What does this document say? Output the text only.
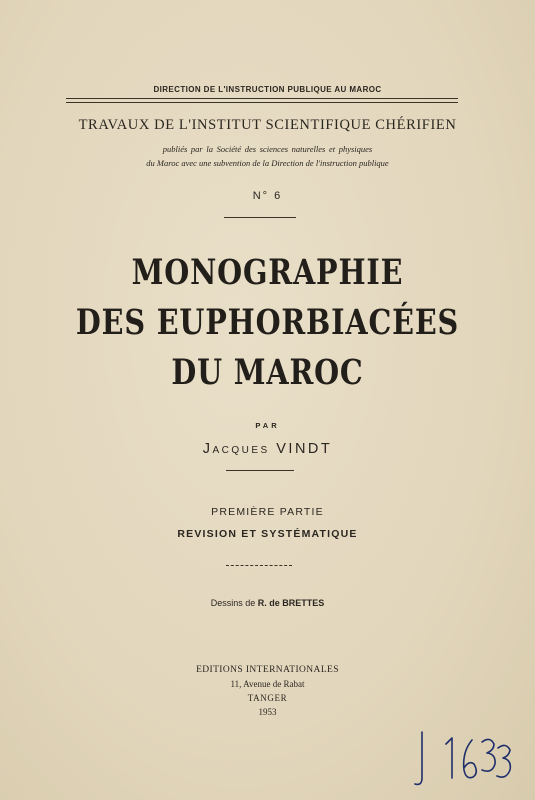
DIRECTION DE L'INSTRUCTION PUBLIQUE AU MAROC
TRAVAUX DE L'INSTITUT SCIENTIFIQUE CHÉRIFIEN
publiés par la Société des sciences naturelles et physiques
du Maroc avec une subvention de la Direction de l'instruction publique
N° 6
MONOGRAPHIE
DES EUPHORBIACÉES
DU MAROC
PAR
Jacques VINDT
PREMIÈRE PARTIE
REVISION ET SYSTÉMATIQUE
Dessins de R. de BRETTES
EDITIONS INTERNATIONALES
11, Avenue de Rabat
TANGER
1953
